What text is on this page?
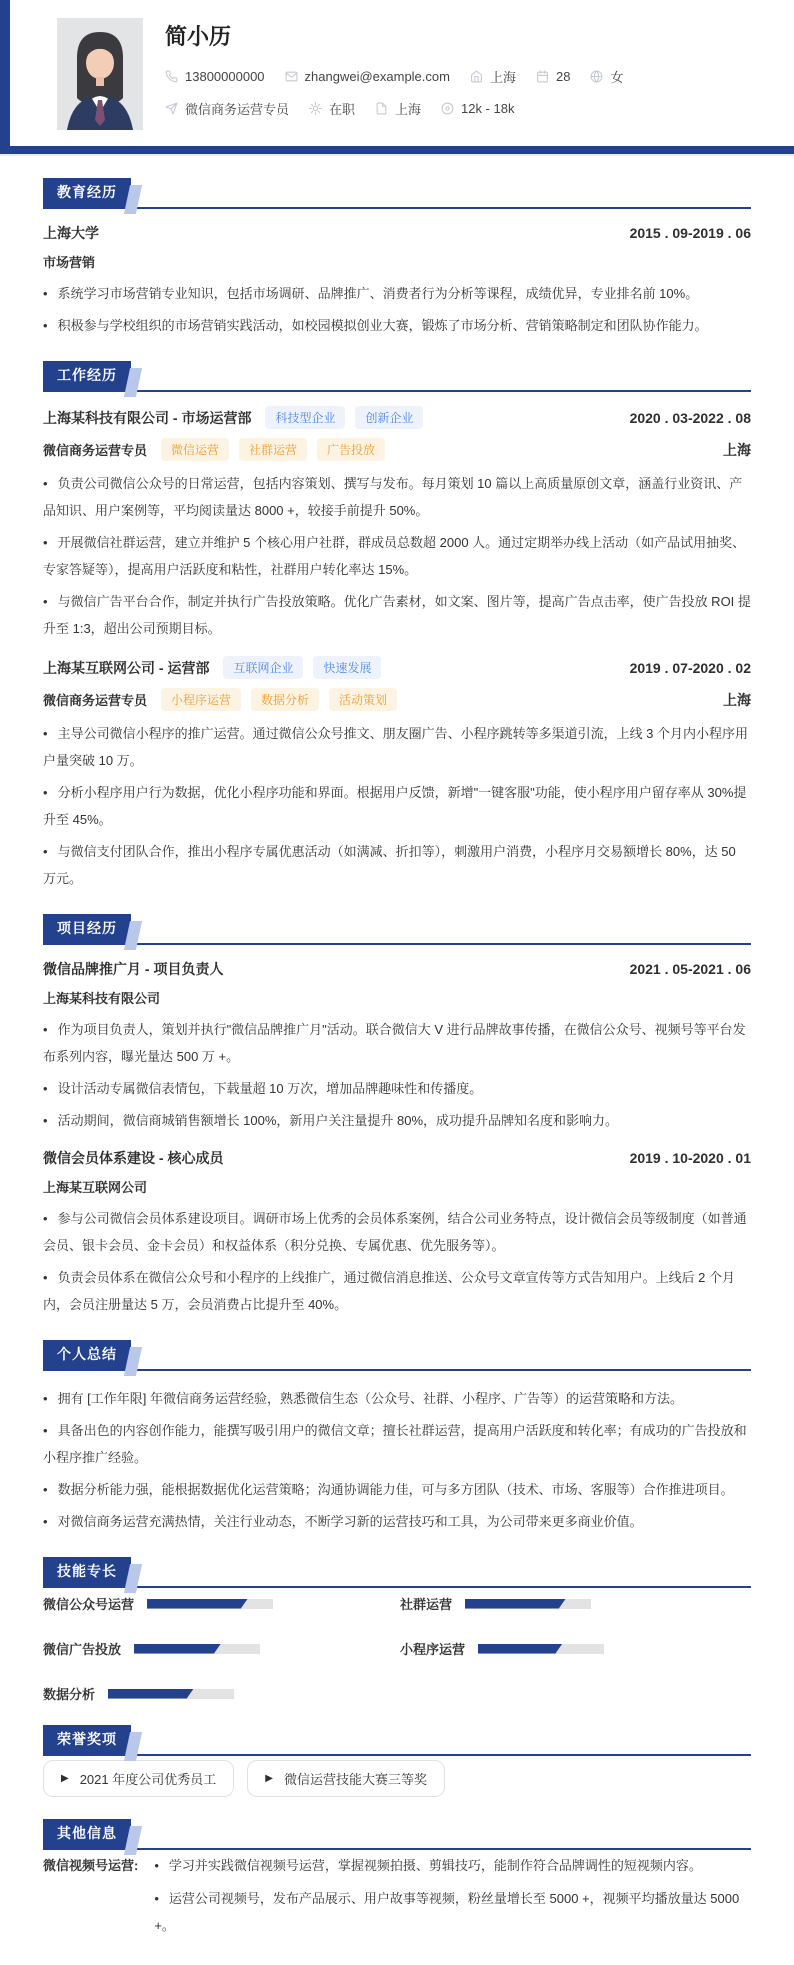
简小历
13800000000	zhangwei@example.com	上海	28	女
微信商务运营专员	在职	上海	12k - 18k
教育经历
上海大学	2015 . 09-2019 . 06
市场营销

• 系统学习市场营销专业知识，包括市场调研、品牌推广、消费者行为分析等课程，成绩优异，专业排名前 10%。

• 积极参与学校组织的市场营销实践活动，如校园模拟创业大赛，锻炼了市场分析、营销策略制定和团队协作能力。

工作经历
上海某科技有限公司 - 市场运营部	科技型企业	创新企业	2020 . 03-2022 . 08
微信商务运营专员	微信运营	社群运营	广告投放	上海

• 负责公司微信公众号的日常运营，包括内容策划、撰写与发布。每月策划 10 篇以上高质量原创文章，涵盖行业资讯、产品知识、用户案例等，平均阅读量达 8000 +，较接手前提升 50%。

• 开展微信社群运营，建立并维护 5 个核心用户社群，群成员总数超 2000 人。通过定期举办线上活动（如产品试用抽奖、专家答疑等），提高用户活跃度和粘性，社群用户转化率达 15%。

• 与微信广告平台合作，制定并执行广告投放策略。优化广告素材，如文案、图片等，提高广告点击率，使广告投放 ROI 提升至 1:3，超出公司预期目标。

上海某互联网公司 - 运营部	互联网企业	快速发展	2019 . 07-2020 . 02
微信商务运营专员	小程序运营	数据分析	活动策划	上海

• 主导公司微信小程序的推广运营。通过微信公众号推文、朋友圈广告、小程序跳转等多渠道引流，上线 3 个月内小程序用户量突破 10 万。

• 分析小程序用户行为数据，优化小程序功能和界面。根据用户反馈，新增"一键客服"功能，使小程序用户留存率从 30%提升至 45%。

• 与微信支付团队合作，推出小程序专属优惠活动（如满减、折扣等），刺激用户消费，小程序月交易额增长 80%，达 50 万元。

项目经历
微信品牌推广月 - 项目负责人	2021 . 05-2021 . 06
上海某科技有限公司

• 作为项目负责人，策划并执行"微信品牌推广月"活动。联合微信大 V 进行品牌故事传播，在微信公众号、视频号等平台发布系列内容，曝光量达 500 万 +。

• 设计活动专属微信表情包，下载量超 10 万次，增加品牌趣味性和传播度。

• 活动期间，微信商城销售额增长 100%，新用户关注量提升 80%，成功提升品牌知名度和影响力。

微信会员体系建设 - 核心成员	2019 . 10-2020 . 01
上海某互联网公司

• 参与公司微信会员体系建设项目。调研市场上优秀的会员体系案例，结合公司业务特点，设计微信会员等级制度（如普通会员、银卡会员、金卡会员）和权益体系（积分兑换、专属优惠、优先服务等）。

• 负责会员体系在微信公众号和小程序的上线推广，通过微信消息推送、公众号文章宣传等方式告知用户。上线后 2 个月内，会员注册量达 5 万，会员消费占比提升至 40%。

个人总结

• 拥有 [工作年限] 年微信商务运营经验，熟悉微信生态（公众号、社群、小程序、广告等）的运营策略和方法。

• 具备出色的内容创作能力，能撰写吸引用户的微信文章；擅长社群运营，提高用户活跃度和转化率；有成功的广告投放和小程序推广经验。

• 数据分析能力强，能根据数据优化运营策略；沟通协调能力佳，可与多方团队（技术、市场、客服等）合作推进项目。

• 对微信商务运营充满热情，关注行业动态，不断学习新的运营技巧和工具，为公司带来更多商业价值。

技能专长
微信公众号运营	社群运营
微信广告投放	小程序运营
数据分析
荣誉奖项
▶ 2021 年度公司优秀员工	▶ 微信运营技能大赛三等奖
其他信息
微信视频号运营:	• 学习并实践微信视频号运营，掌握视频拍摄、剪辑技巧，能制作符合品牌调性的短视频内容。

• 运营公司视频号，发布产品展示、用户故事等视频，粉丝量增长至 5000 +，视频平均播放量达 5000 +。
